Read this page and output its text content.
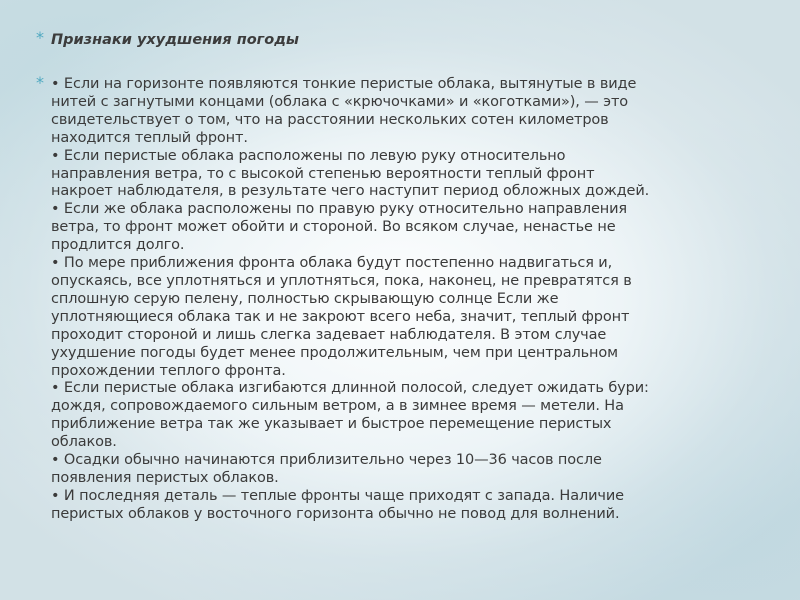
* Признаки ухудшения погоды
* • Если на горизонте появляются тонкие перистые облака, вытянутые в виде
нитей с загнутыми концами (облака с «крючочками» и «коготками»), — это
свидетельствует о том, что на расстоянии нескольких сотен километров
находится теплый фронт.
• Если перистые облака расположены по левую руку относительно
направления ветра, то с высокой степенью вероятности теплый фронт
накроет наблюдателя, в результате чего наступит период обложных дождей.
• Если же облака расположены по правую руку относительно направления
ветра, то фронт может обойти и стороной. Во всяком случае, ненастье не
продлится долго.
• По мере приближения фронта облака будут постепенно надвигаться и,
опускаясь, все уплотняться и уплотняться, пока, наконец, не превратятся в
сплошную серую пелену, полностью скрывающую солнце Если же
уплотняющиеся облака так и не закроют всего неба, значит, теплый фронт
проходит стороной и лишь слегка задевает наблюдателя. В этом случае
ухудшение погоды будет менее продолжительным, чем при центральном
прохождении теплого фронта.
• Если перистые облака изгибаются длинной полосой, следует ожидать бури:
дождя, сопровождаемого сильным ветром, а в зимнее время — метели. На
приближение ветра так же указывает и быстрое перемещение перистых
облаков.
• Осадки обычно начинаются приблизительно через 10—36 часов после
появления перистых облаков.
• И последняя деталь — теплые фронты чаще приходят с запада. Наличие
перистых облаков у восточного горизонта обычно не повод для волнений.
